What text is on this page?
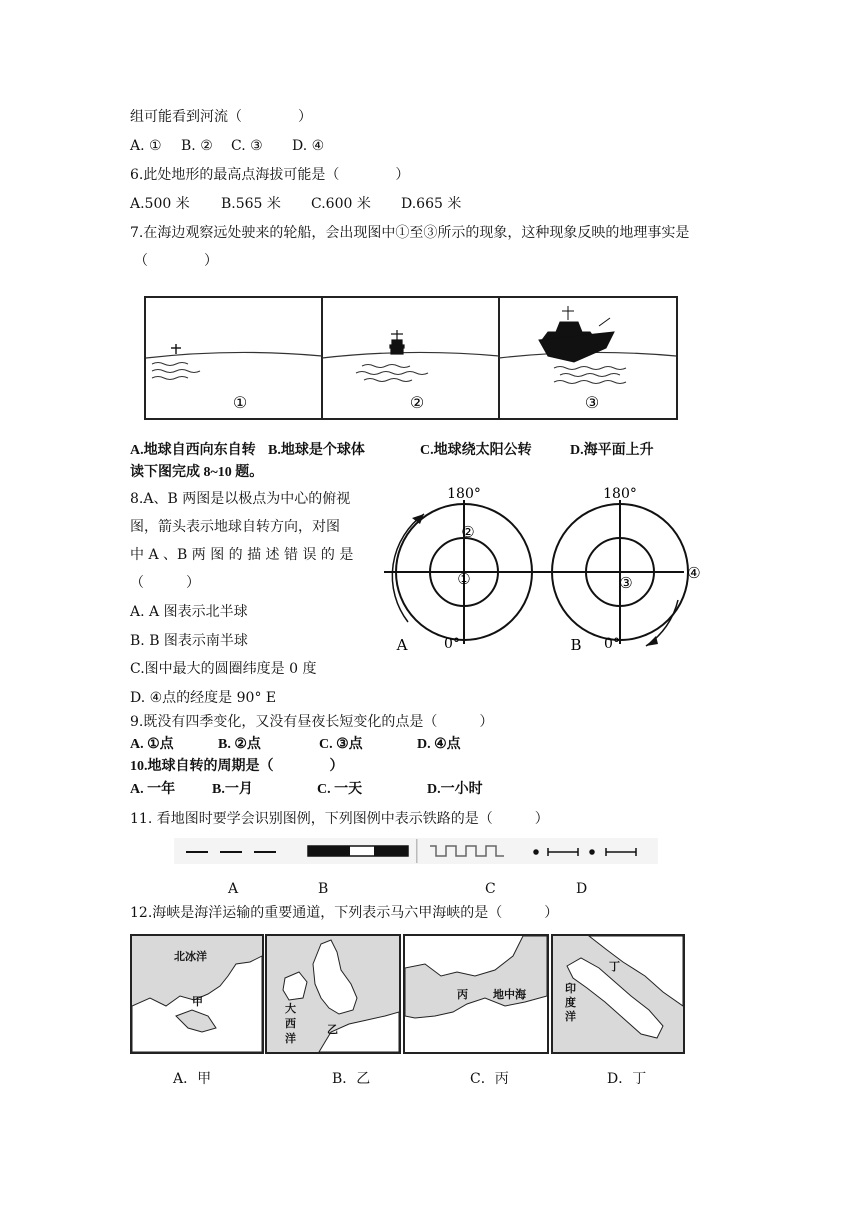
组可能看到河流（　　　　）
A. ① B. ② C. ③ D. ④
6.此处地形的最高点海拔可能是（　　　　）
A.500 米 B.565 米 C.600 米 D.665 米
7.在海边观察远处驶来的轮船，会出现图中①至③所示的现象，这种现象反映的地理事实是
（　　　　）
①	②	③
A.地球自西向东自转 B.地球是个球体	C.地球绕太阳公转	D.海平面上升
读下图完成 8~10 题。
8.A、B 两图是以极点为中心的俯视
图，箭头表示地球自转方向，对图
中 A 、B 两 图 的 描 述 错 误 的 是
（　　　）
A. A 图表示北半球
B. B 图表示南半球
C.图中最大的圆圈纬度是 0 度
D. ④点的经度是 90° E
180°
0°
A
②
①
180°
0°
B
③
④
9.既没有四季变化，又没有昼夜长短变化的点是（　　　）
A. ①点	B. ②点	C. ③点	D. ④点
10.地球自转的周期是（　　　　）
A. 一年	B.一月	C. 一天	D.一小时
11. 看地图时要学会识别图例，下列图例中表示铁路的是（　　　）
A	B	C	D
12.海峡是海洋运输的重要通道，下列表示马六甲海峡的是（　　　）
北冰洋
甲
大
西
洋
乙
丙 地中海
丁
印
度
洋
A．甲	B．乙	C．丙	D．丁
